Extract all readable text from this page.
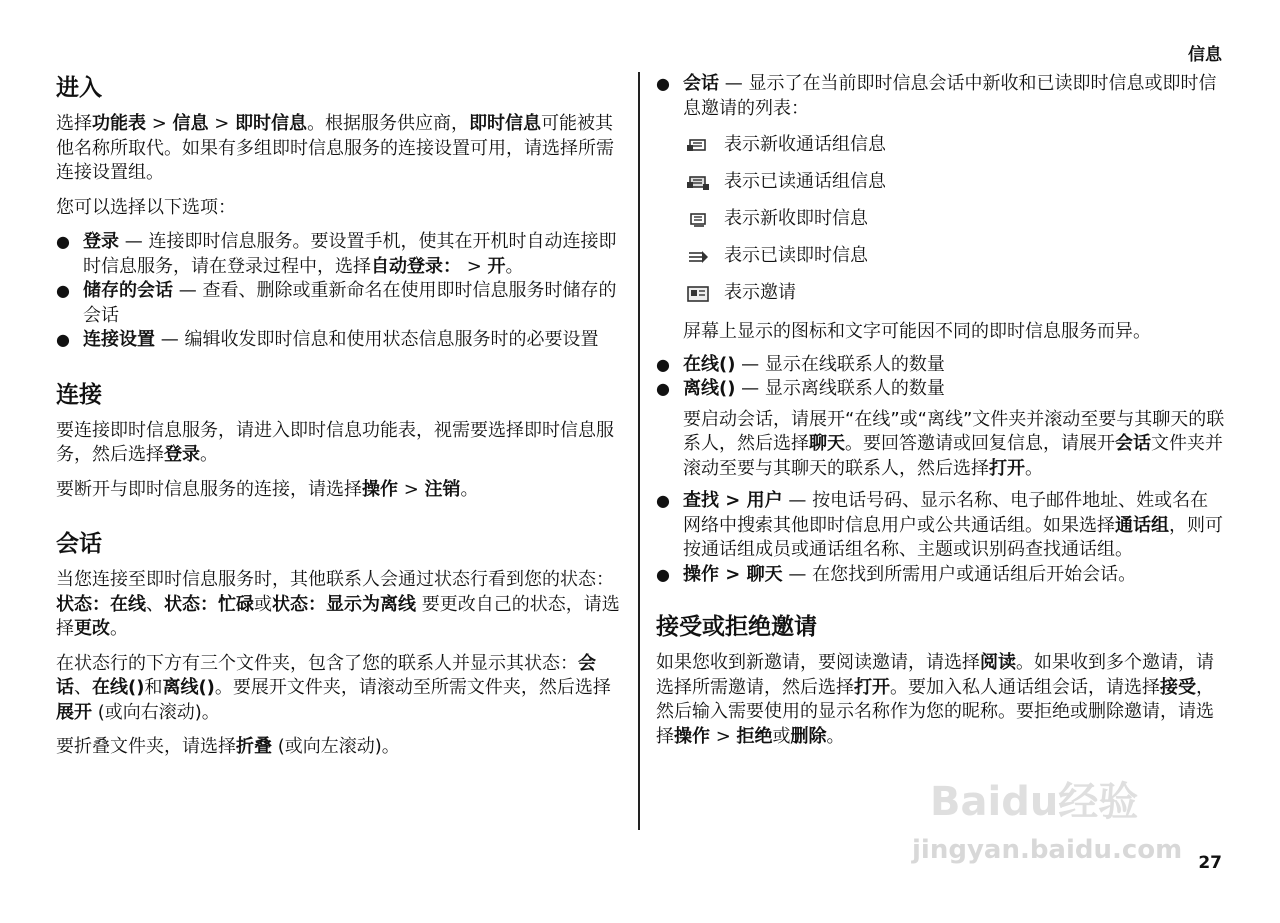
信息
进入

选择功能表 > 信息 > 即时信息。根据服务供应商，即时信息可能被其他名称所取代。如果有多组即时信息服务的连接设置可用，请选择所需连接设置组。

您可以选择以下选项：

● 登录 — 连接即时信息服务。要设置手机，使其在开机时自动连接即时信息服务，请在登录过程中，选择自动登录： > 开。
● 储存的会话 — 查看、删除或重新命名在使用即时信息服务时储存的会话
● 连接设置 — 编辑收发即时信息和使用状态信息服务时的必要设置
连接

要连接即时信息服务，请进入即时信息功能表，视需要选择即时信息服务，然后选择登录。

要断开与即时信息服务的连接，请选择操作 > 注销。

会话

当您连接至即时信息服务时，其他联系人会通过状态行看到您的状态：状态：在线、状态：忙碌或状态：显示为离线 要更改自己的状态，请选择更改。

在状态行的下方有三个文件夹，包含了您的联系人并显示其状态：会话、在线()和离线()。要展开文件夹，请滚动至所需文件夹，然后选择展开 (或向右滚动)。

要折叠文件夹，请选择折叠 (或向左滚动)。

● 会话 — 显示了在当前即时信息会话中新收和已读即时信息或即时信息邀请的列表：
表示新收通话组信息
表示已读通话组信息
表示新收即时信息
表示已读即时信息
表示邀请

屏幕上显示的图标和文字可能因不同的即时信息服务而异。

● 在线() — 显示在线联系人的数量
● 离线() — 显示离线联系人的数量

要启动会话，请展开“在线”或“离线”文件夹并滚动至要与其聊天的联系人，然后选择聊天。要回答邀请或回复信息，请展开会话文件夹并滚动至要与其聊天的联系人，然后选择打开。

● 查找 > 用户 — 按电话号码、显示名称、电子邮件地址、姓或名在网络中搜索其他即时信息用户或公共通话组。如果选择通话组，则可按通话组成员或通话组名称、主题或识别码查找通话组。
● 操作 > 聊天 — 在您找到所需用户或通话组后开始会话。
接受或拒绝邀请

如果您收到新邀请，要阅读邀请，请选择阅读。如果收到多个邀请，请选择所需邀请，然后选择打开。要加入私人通话组会话，请选择接受，然后输入需要使用的显示名称作为您的昵称。要拒绝或删除邀请，请选择操作 > 拒绝或删除。

Baidu经验
jingyan.baidu.com 27
